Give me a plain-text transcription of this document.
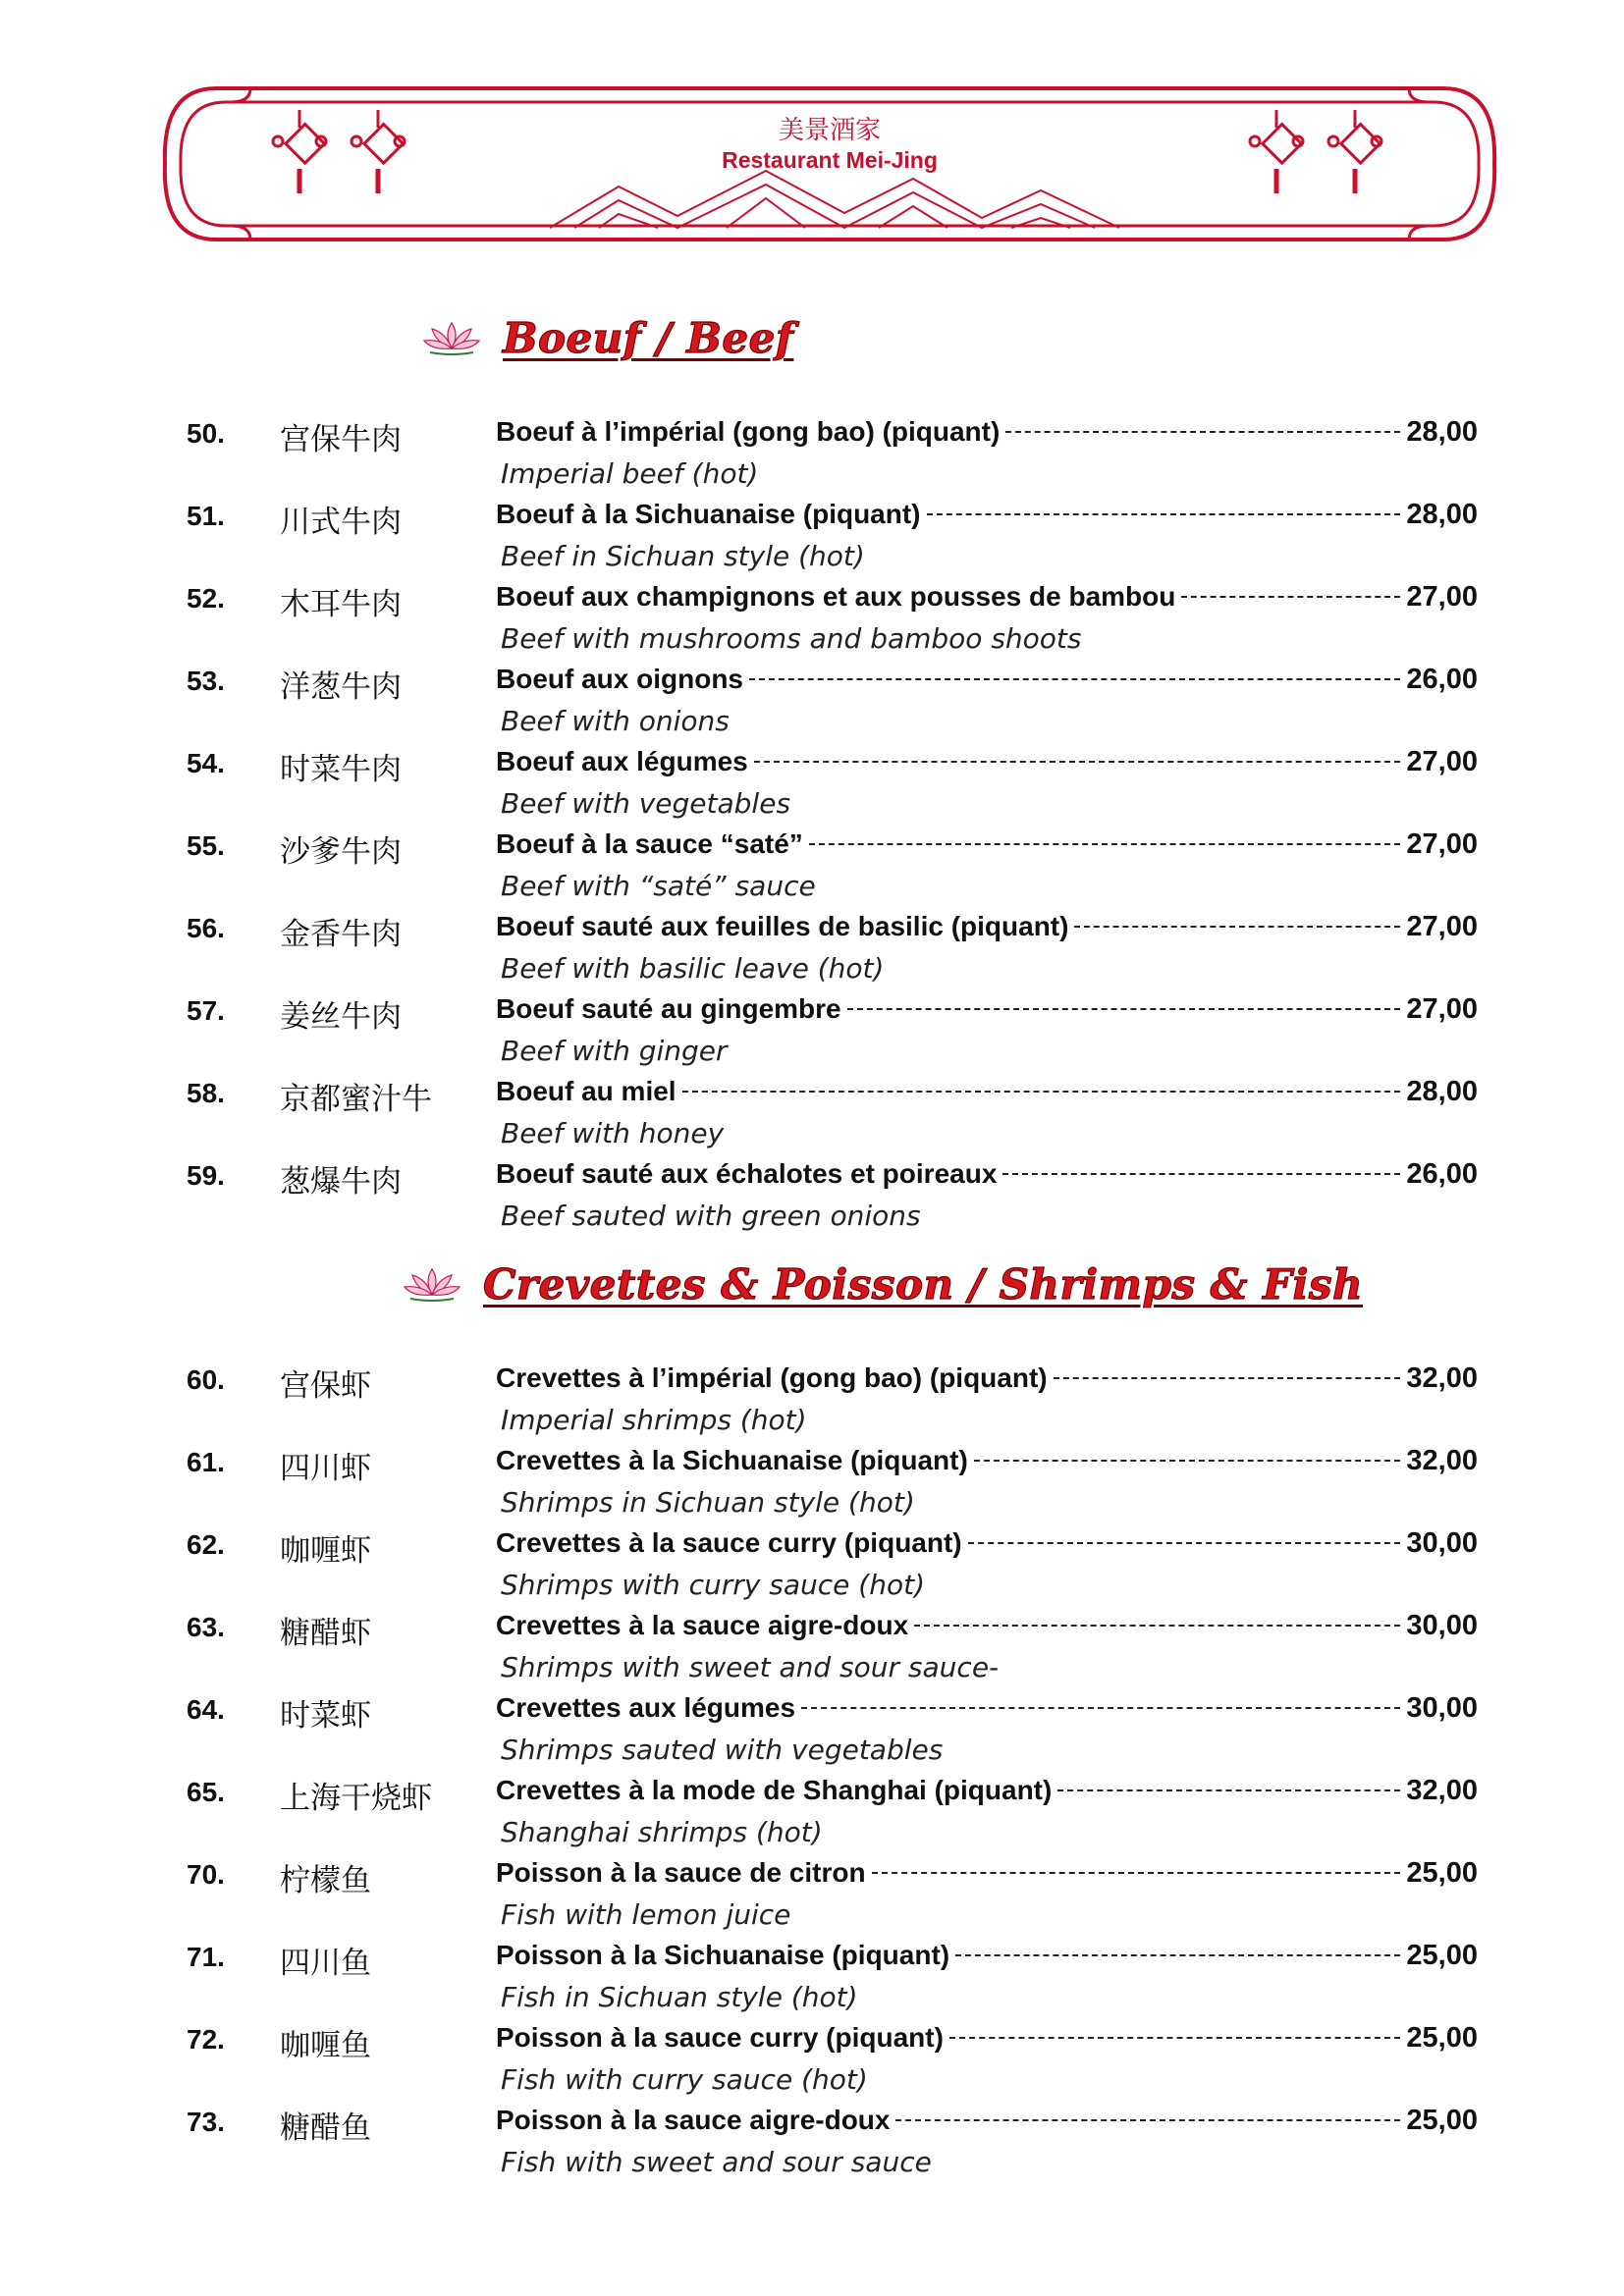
美景酒家
Restaurant Mei-Jing
Boeuf / Beef
50. 宫保牛肉	Boeuf à l’impérial (gong bao) (piquant)	28,00
Imperial beef (hot)
51. 川式牛肉	Boeuf à la Sichuanaise (piquant)	28,00
Beef in Sichuan style (hot)
52. 木耳牛肉	Boeuf aux champignons et aux pousses de bambou	27,00
Beef with mushrooms and bamboo shoots
53. 洋葱牛肉	Boeuf aux oignons	26,00
Beef with onions
54. 时菜牛肉	Boeuf aux légumes	27,00
Beef with vegetables
55. 沙爹牛肉	Boeuf à la sauce “saté”	27,00
Beef with “saté” sauce
56. 金香牛肉	Boeuf sauté aux feuilles de basilic (piquant)	27,00
Beef with basilic leave (hot)
57. 姜丝牛肉	Boeuf sauté au gingembre	27,00
Beef with ginger
58. 京都蜜汁牛 Boeuf au miel	28,00
Beef with honey
59. 葱爆牛肉	Boeuf sauté aux échalotes et poireaux	26,00
Beef sauted with green onions
Crevettes & Poisson / Shrimps & Fish
60. 宫保虾	Crevettes à l’impérial (gong bao) (piquant)	32,00
Imperial shrimps (hot)
61. 四川虾	Crevettes à la Sichuanaise (piquant)	32,00
Shrimps in Sichuan style (hot)
62. 咖喱虾	Crevettes à la sauce curry (piquant)	30,00
Shrimps with curry sauce (hot)
63. 糖醋虾	Crevettes à la sauce aigre-doux	30,00
Shrimps with sweet and sour sauce-
64. 时菜虾	Crevettes aux légumes	30,00
Shrimps sauted with vegetables
65. 上海干烧虾 Crevettes à la mode de Shanghai (piquant)	32,00
Shanghai shrimps (hot)
70. 柠檬鱼	Poisson à la sauce de citron	25,00
Fish with lemon juice
71. 四川鱼	Poisson à la Sichuanaise (piquant)	25,00
Fish in Sichuan style (hot)
72. 咖喱鱼	Poisson à la sauce curry (piquant)	25,00
Fish with curry sauce (hot)
73. 糖醋鱼	Poisson à la sauce aigre-doux	25,00
Fish with sweet and sour sauce
